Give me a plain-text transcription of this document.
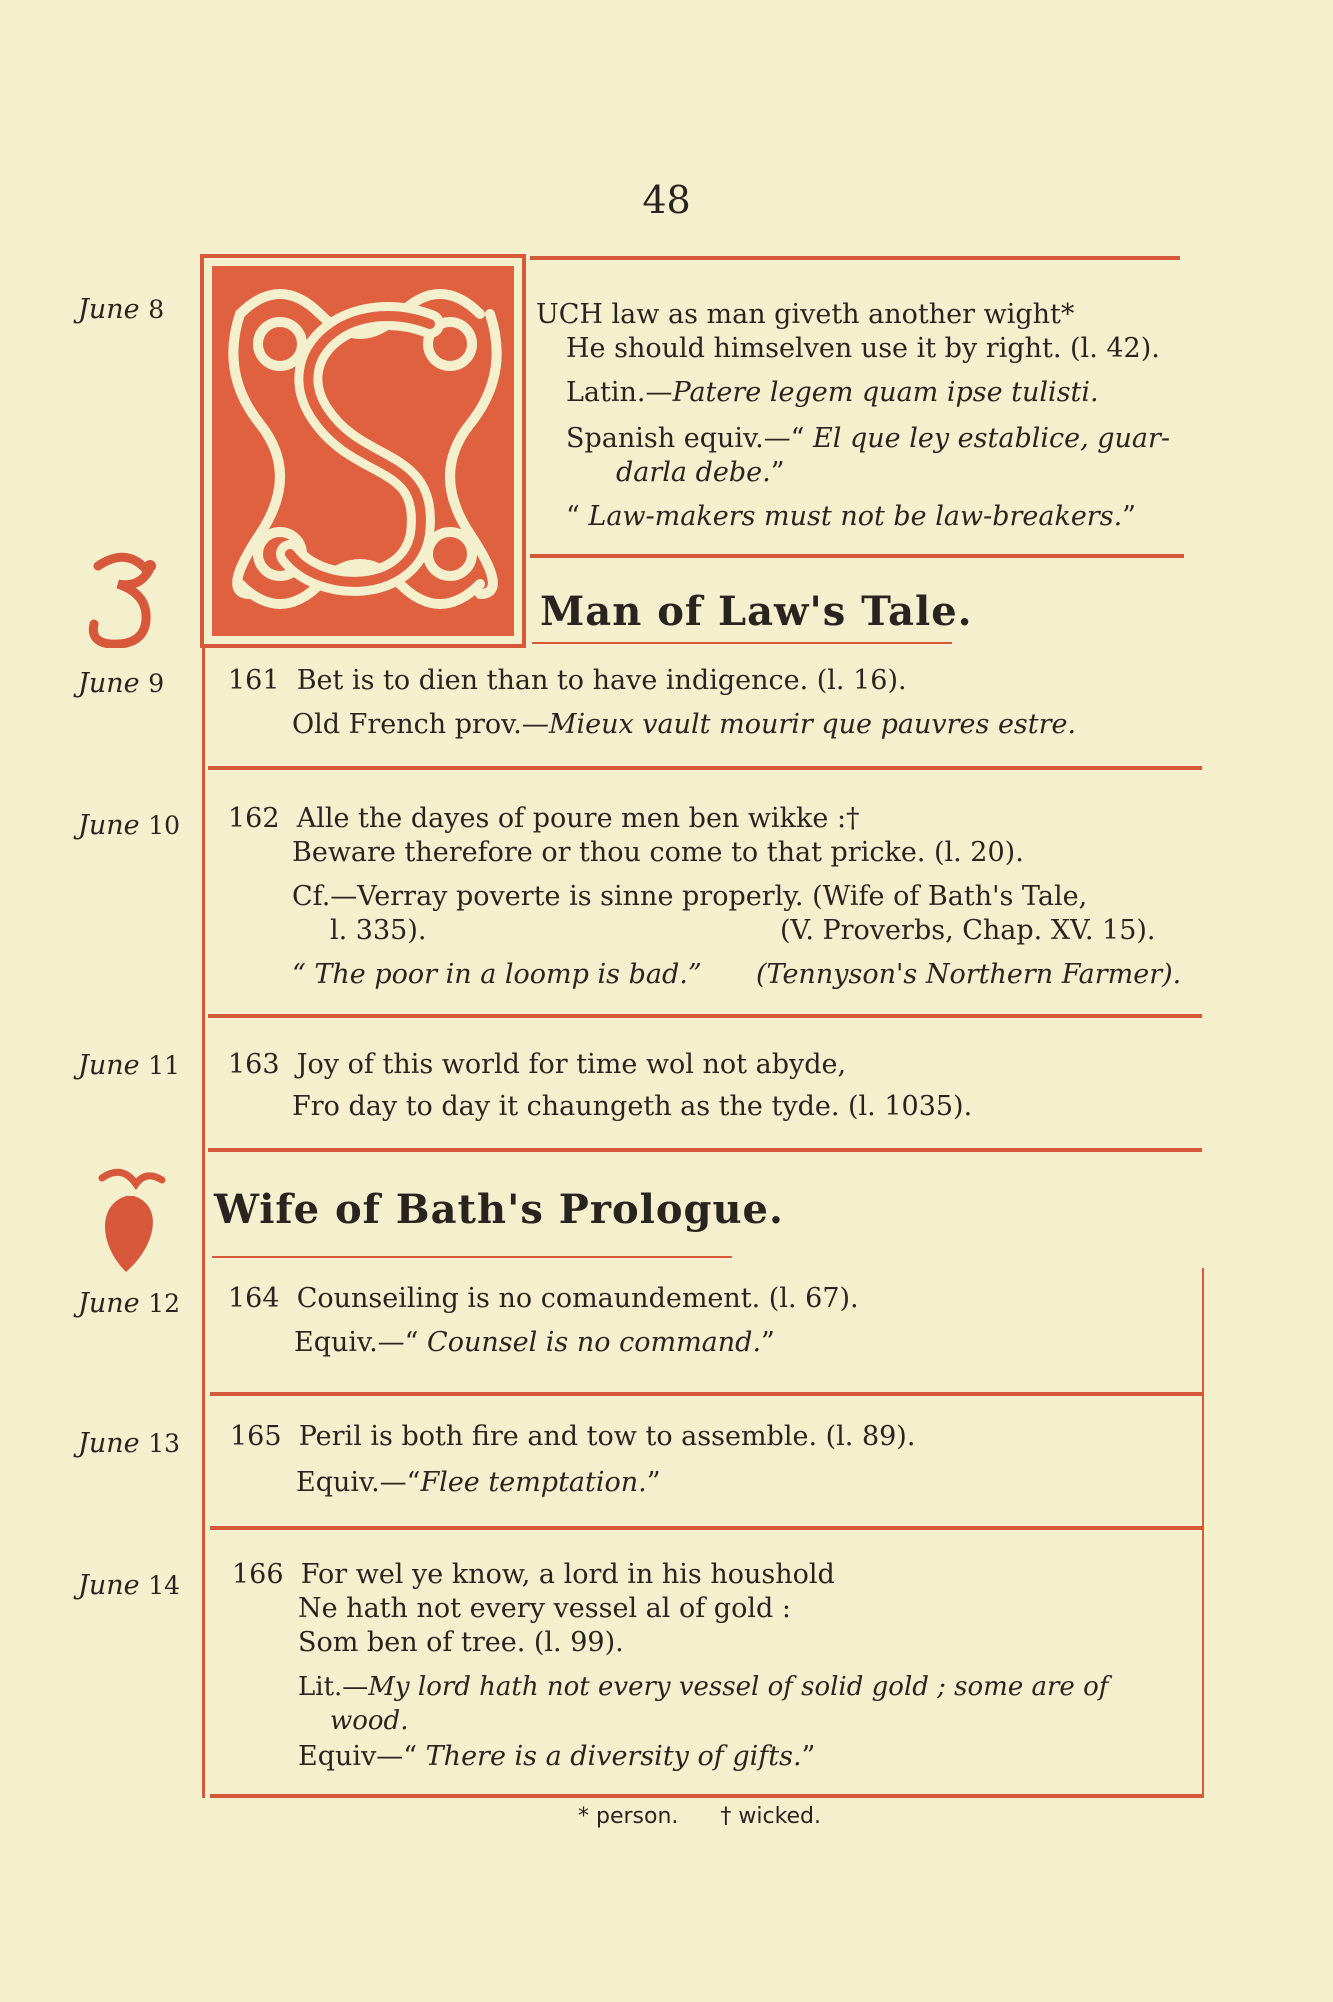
48
June 8
June 9
June 10
June 11
June 12
June 13
June 14
UCH law as man giveth another wight*
He should himselven use it by right. (l. 42).
Latin.—Patere legem quam ipse tulisti.
Spanish equiv.—“ El que ley establice, guar-
darla debe.”
“ Law-makers must not be law-breakers.”
Man of Law's Tale.
161 Bet is to dien than to have indigence. (l. 16).
Old French prov.—Mieux vault mourir que pauvres estre.
162 Alle the dayes of poure men ben wikke :†
Beware therefore or thou come to that pricke. (l. 20).
Cf.—Verray poverte is sinne properly. (Wife of Bath's Tale,
l. 335).	(V. Proverbs, Chap. XV. 15).
“ The poor in a loomp is bad.” (Tennyson's Northern Farmer).
163 Joy of this world for time wol not abyde,
Fro day to day it chaungeth as the tyde. (l. 1035).
Wife of Bath's Prologue.
164 Counseiling is no comaundement. (l. 67).
Equiv.—“ Counsel is no command.”
165 Peril is both fire and tow to assemble. (l. 89).
Equiv.—“Flee temptation.”
166 For wel ye know, a lord in his houshold
Ne hath not every vessel al of gold :
Som ben of tree. (l. 99).
Lit.—My lord hath not every vessel of solid gold ; some are of
wood.
Equiv—“ There is a diversity of gifts.”
* person. † wicked.
